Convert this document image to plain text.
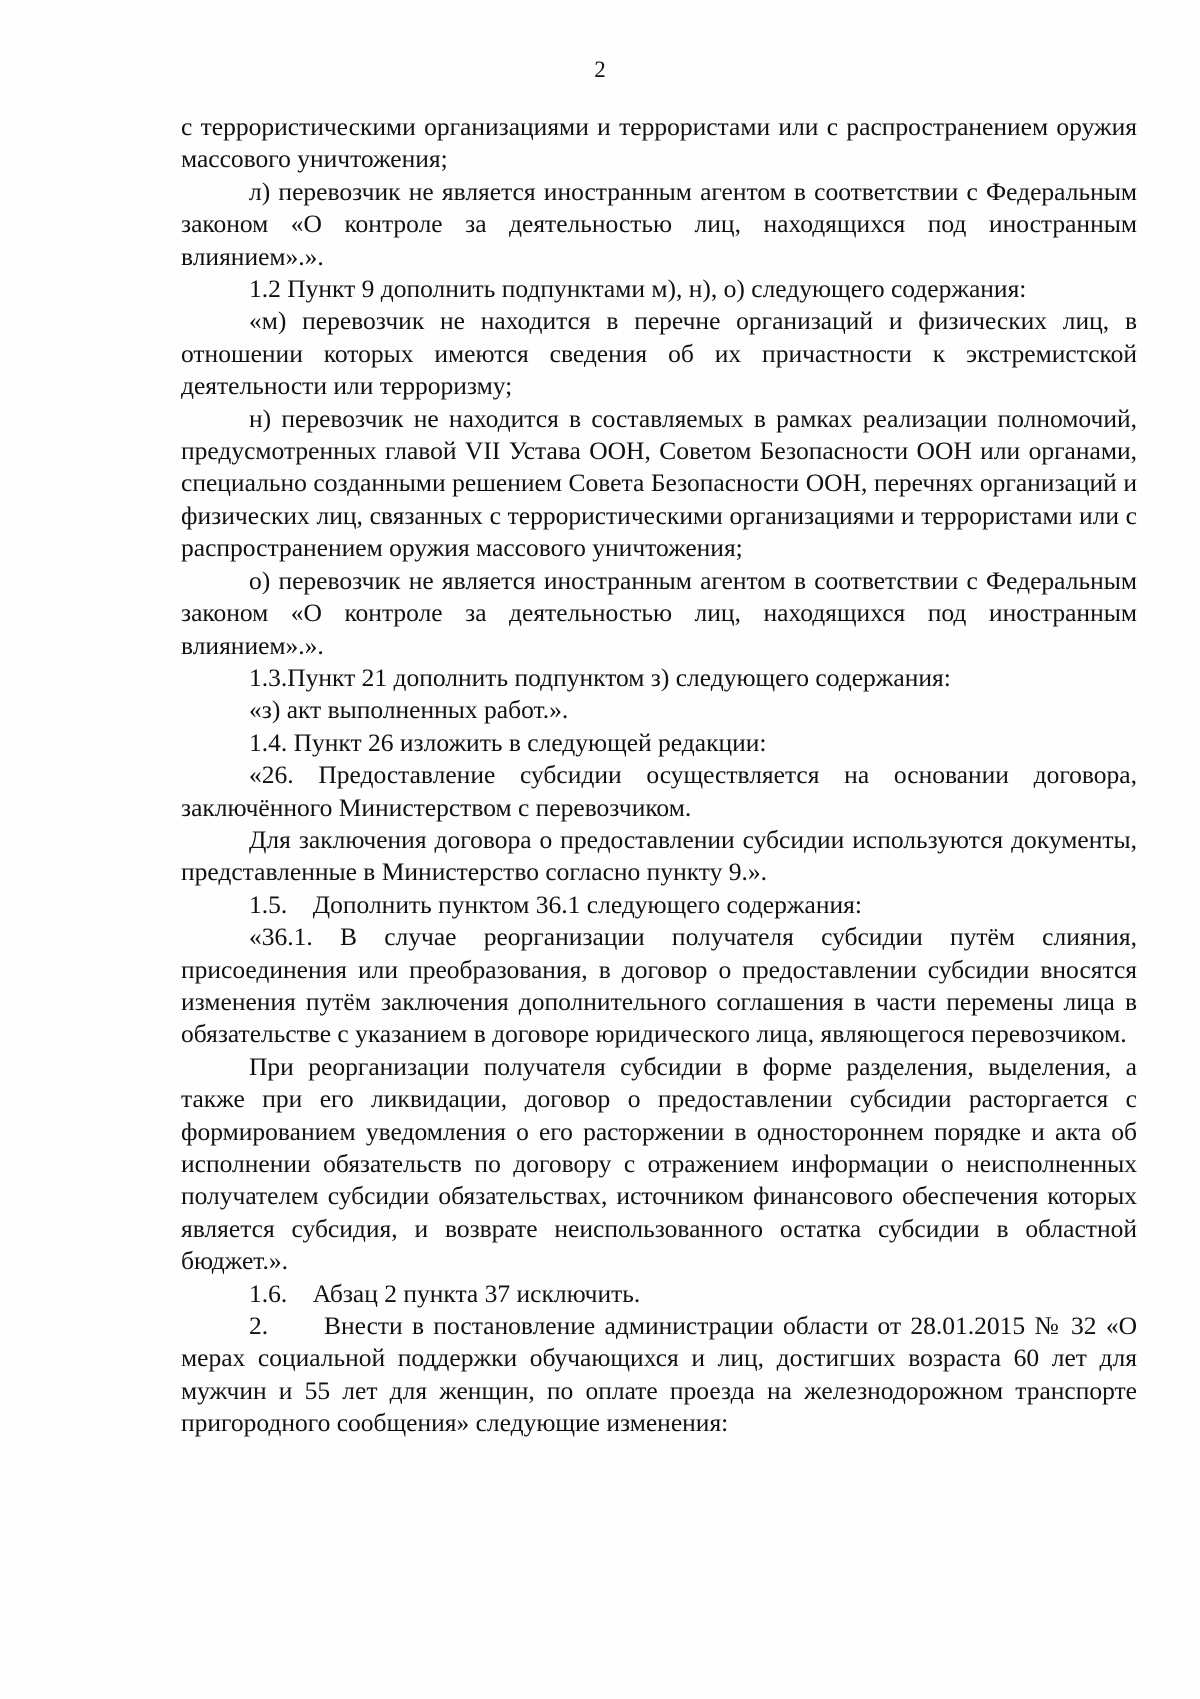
2

с террористическими организациями и террористами или с распространением оружия массового уничтожения;

л) перевозчик не является иностранным агентом в соответствии с Федеральным законом «О контроле за деятельностью лиц, находящихся под иностранным влиянием».».

1.2 Пункт 9 дополнить подпунктами м), н), о) следующего содержания:

«м) перевозчик не находится в перечне организаций и физических лиц, в отношении которых имеются сведения об их причастности к экстремистской деятельности или терроризму;

н) перевозчик не находится в составляемых в рамках реализации полномочий, предусмотренных главой VII Устава ООН, Советом Безопасности ООН или органами, специально созданными решением Совета Безопасности ООН, перечнях организаций и физических лиц, связанных с террористическими организациями и террористами или с распространением оружия массового уничтожения;

о) перевозчик не является иностранным агентом в соответствии с Федеральным законом «О контроле за деятельностью лиц, находящихся под иностранным влиянием».».

1.3.Пункт 21 дополнить подпунктом з) следующего содержания:

«з) акт выполненных работ.».

1.4. Пункт 26 изложить в следующей редакции:

«26. Предоставление субсидии осуществляется на основании договора, заключённого Министерством с перевозчиком.

Для заключения договора о предоставлении субсидии используются документы, представленные в Министерство согласно пункту 9.».

1.5.    Дополнить пунктом 36.1 следующего содержания:

«36.1. В случае реорганизации получателя субсидии путём слияния, присоединения или преобразования, в договор о предоставлении субсидии вносятся изменения путём заключения дополнительного соглашения в части перемены лица в обязательстве с указанием в договоре юридического лица, являющегося перевозчиком.

При реорганизации получателя субсидии в форме разделения, выделения, а также при его ликвидации, договор о предоставлении субсидии расторгается с формированием уведомления о его расторжении в одностороннем порядке и акта об исполнении обязательств по договору с отражением информации о неисполненных получателем субсидии обязательствах, источником финансового обеспечения которых является субсидия, и возврате неиспользованного остатка субсидии в областной бюджет.».

1.6.    Абзац 2 пункта 37 исключить.

2.      Внести в постановление администрации области от 28.01.2015 № 32 «О мерах социальной поддержки обучающихся и лиц, достигших возраста 60 лет для мужчин и 55 лет для женщин, по оплате проезда на железнодорожном транспорте пригородного сообщения» следующие изменения:
